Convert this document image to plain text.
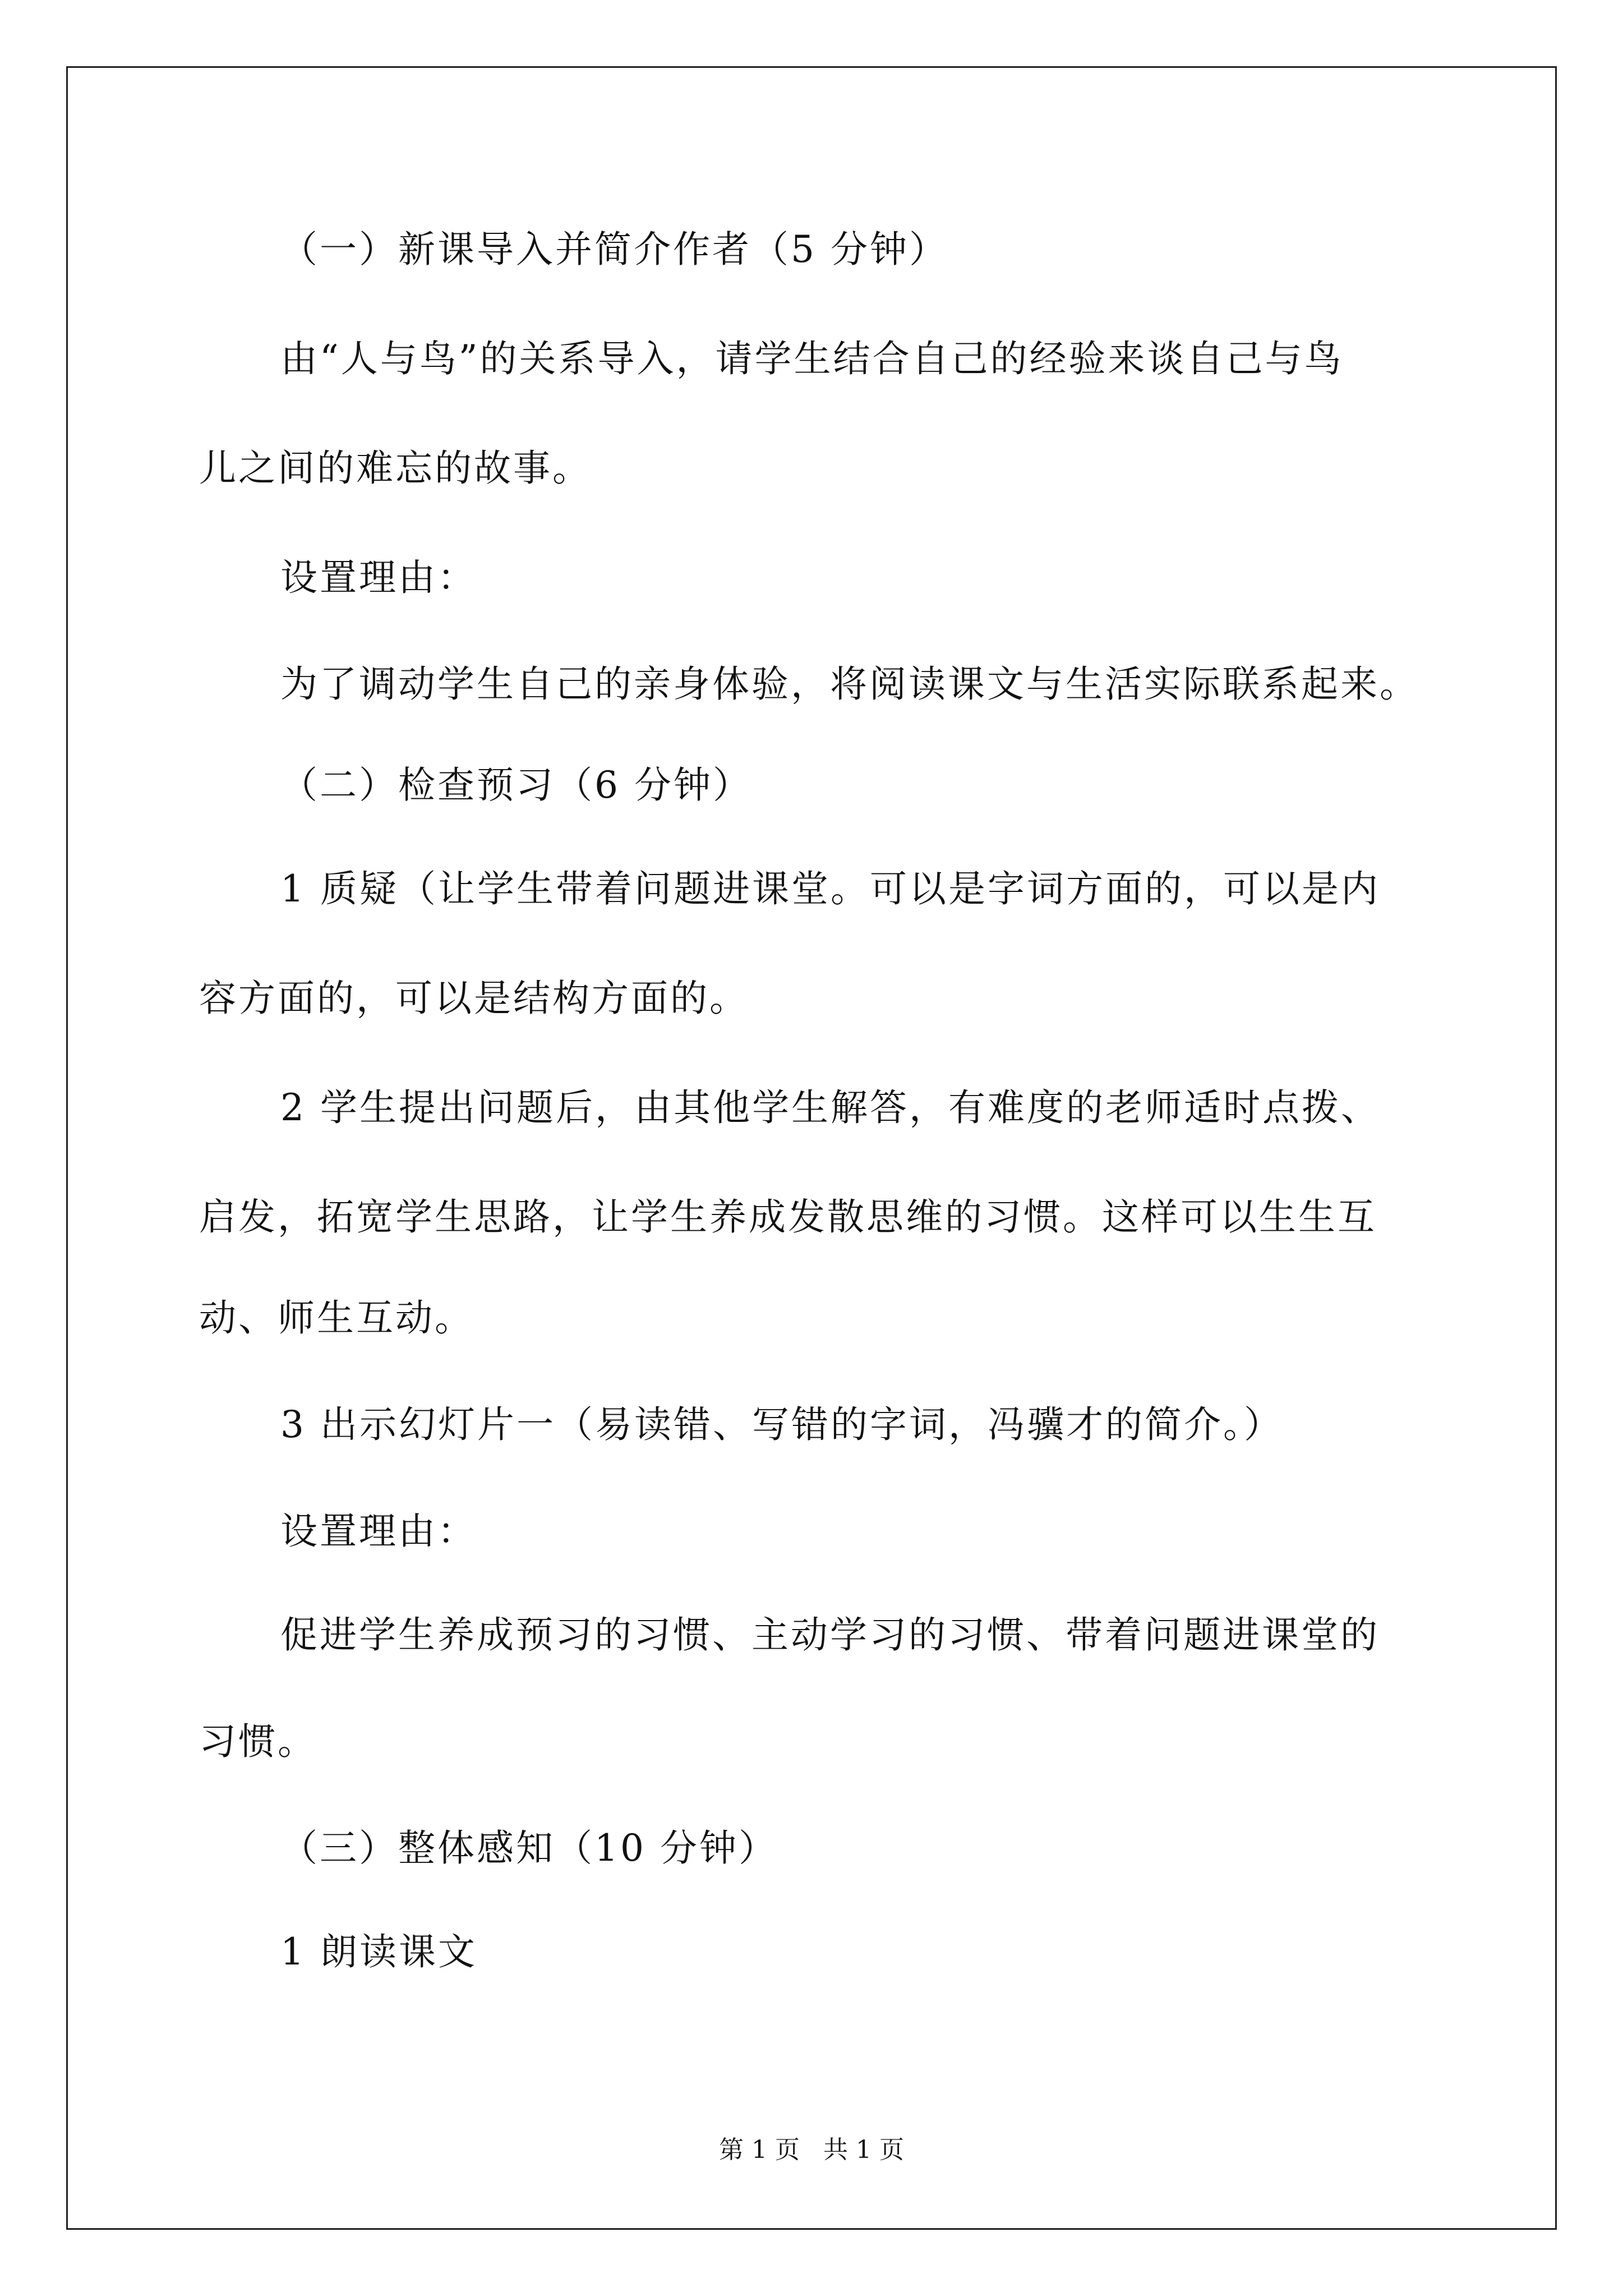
（一）新课导入并简介作者（5 分钟）
由“人与鸟”的关系导入，请学生结合自己的经验来谈自己与鸟
儿之间的难忘的故事。
设置理由：
为了调动学生自己的亲身体验，将阅读课文与生活实际联系起来。
（二）检查预习（6 分钟）
1 质疑（让学生带着问题进课堂。可以是字词方面的，可以是内
容方面的，可以是结构方面的。
2 学生提出问题后，由其他学生解答，有难度的老师适时点拨、
启发，拓宽学生思路，让学生养成发散思维的习惯。这样可以生生互
动、师生互动。
3 出示幻灯片一（易读错、写错的字词，冯骥才的简介。）
设置理由：
促进学生养成预习的习惯、主动学习的习惯、带着问题进课堂的
习惯。
（三）整体感知（10 分钟）
1 朗读课文
第 1 页   共 1 页
